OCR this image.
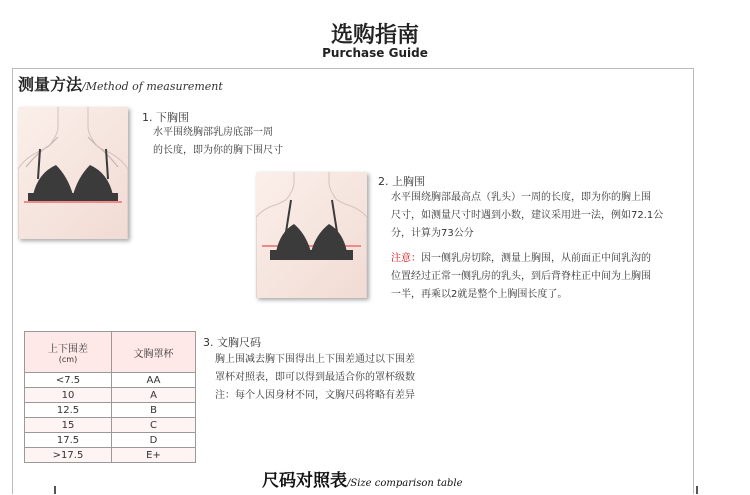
选购指南
Purchase Guide
测量方法/Method of measurement
1. 下胸围
水平围绕胸部乳房底部一周
的长度，即为你的胸下围尺寸
2. 上胸围
水平围绕胸部最高点（乳头）一周的长度，即为你的胸上围
尺寸，如测量尺寸时遇到小数，建议采用进一法，例如72.1公
分，计算为73公分
注意：因一侧乳房切除，测量上胸围，从前面正中间乳沟的
位置经过正常一侧乳房的乳头，到后背脊柱正中间为上胸围
一半，再乘以2就是整个上胸围长度了。
上下围差
(cm)	文胸罩杯
<7.5	AA
10	A
12.5	B
15	C
17.5	D
>17.5	E+
3. 文胸尺码
胸上围减去胸下围得出上下围差通过以下围差
罩杯对照表，即可以得到最适合你的罩杯级数
注：每个人因身材不同，文胸尺码将略有差异
尺码对照表/Size comparison table
